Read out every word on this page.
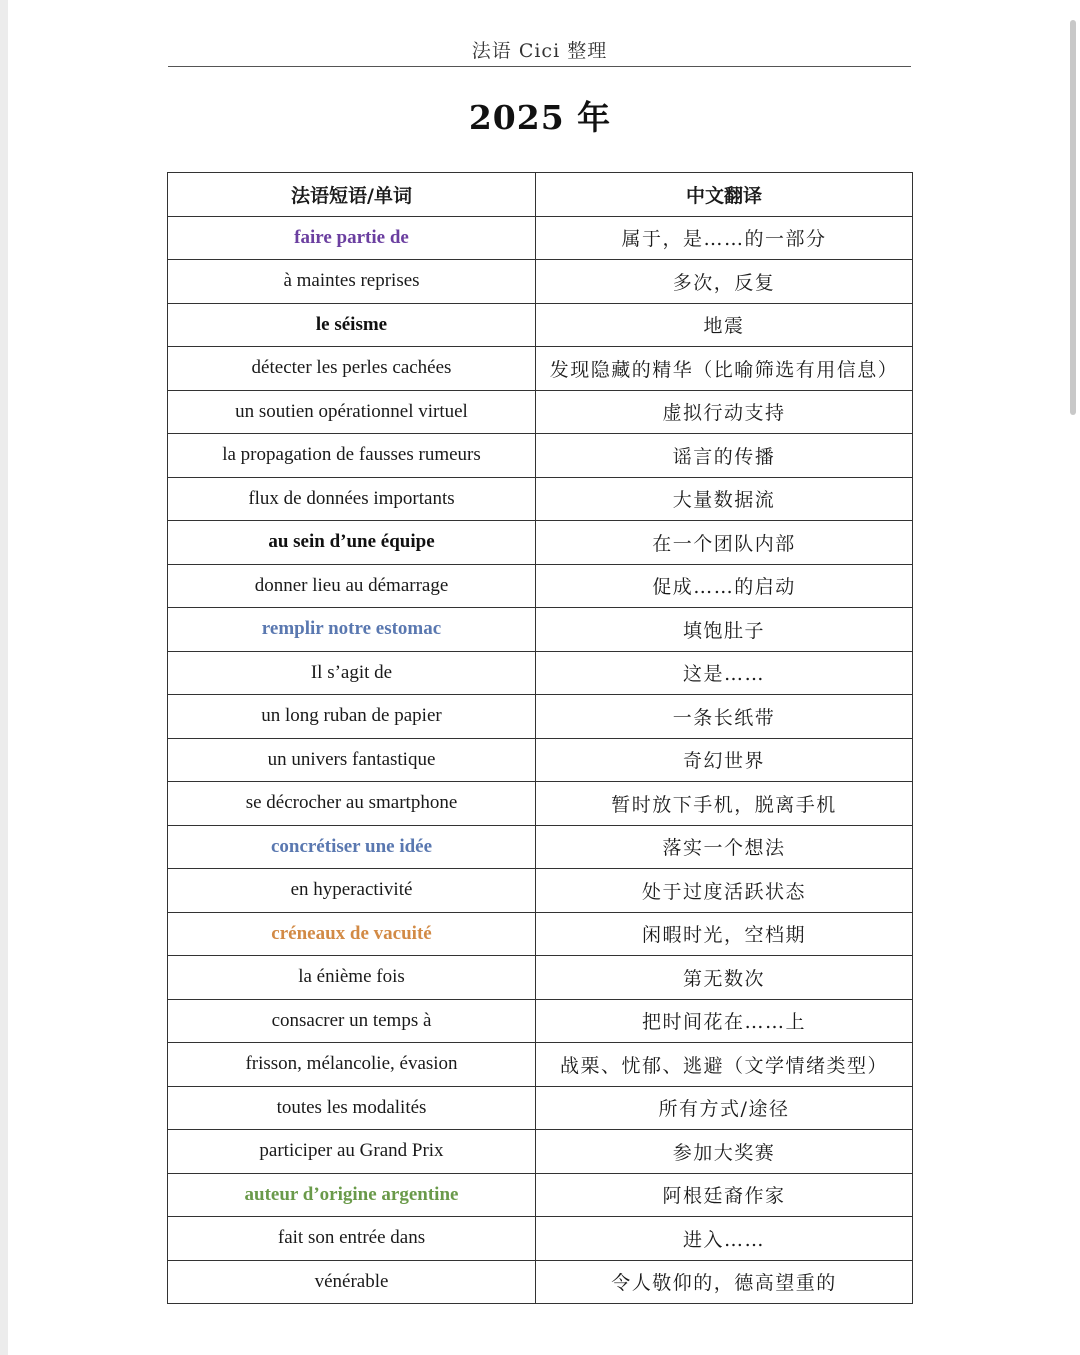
法语 Cici 整理
2025 年
法语短语/单词	中文翻译
faire partie de	属于，是……的一部分
à maintes reprises	多次，反复
le séisme	地震
détecter les perles cachées	发现隐藏的精华（比喻筛选有用信息）
un soutien opérationnel virtuel	虚拟行动支持
la propagation de fausses rumeurs	谣言的传播
flux de données importants	大量数据流
au sein d’une équipe	在一个团队内部
donner lieu au démarrage	促成……的启动
remplir notre estomac	填饱肚子
Il s’agit de	这是……
un long ruban de papier	一条长纸带
un univers fantastique	奇幻世界
se décrocher au smartphone	暂时放下手机，脱离手机
concrétiser une idée	落实一个想法
en hyperactivité	处于过度活跃状态
créneaux de vacuité	闲暇时光，空档期
la énième fois	第无数次
consacrer un temps à	把时间花在……上
frisson, mélancolie, évasion	战栗、忧郁、逃避（文学情绪类型）
toutes les modalités	所有方式/途径
participer au Grand Prix	参加大奖赛
auteur d’origine argentine	阿根廷裔作家
fait son entrée dans	进入……
vénérable	令人敬仰的，德高望重的
